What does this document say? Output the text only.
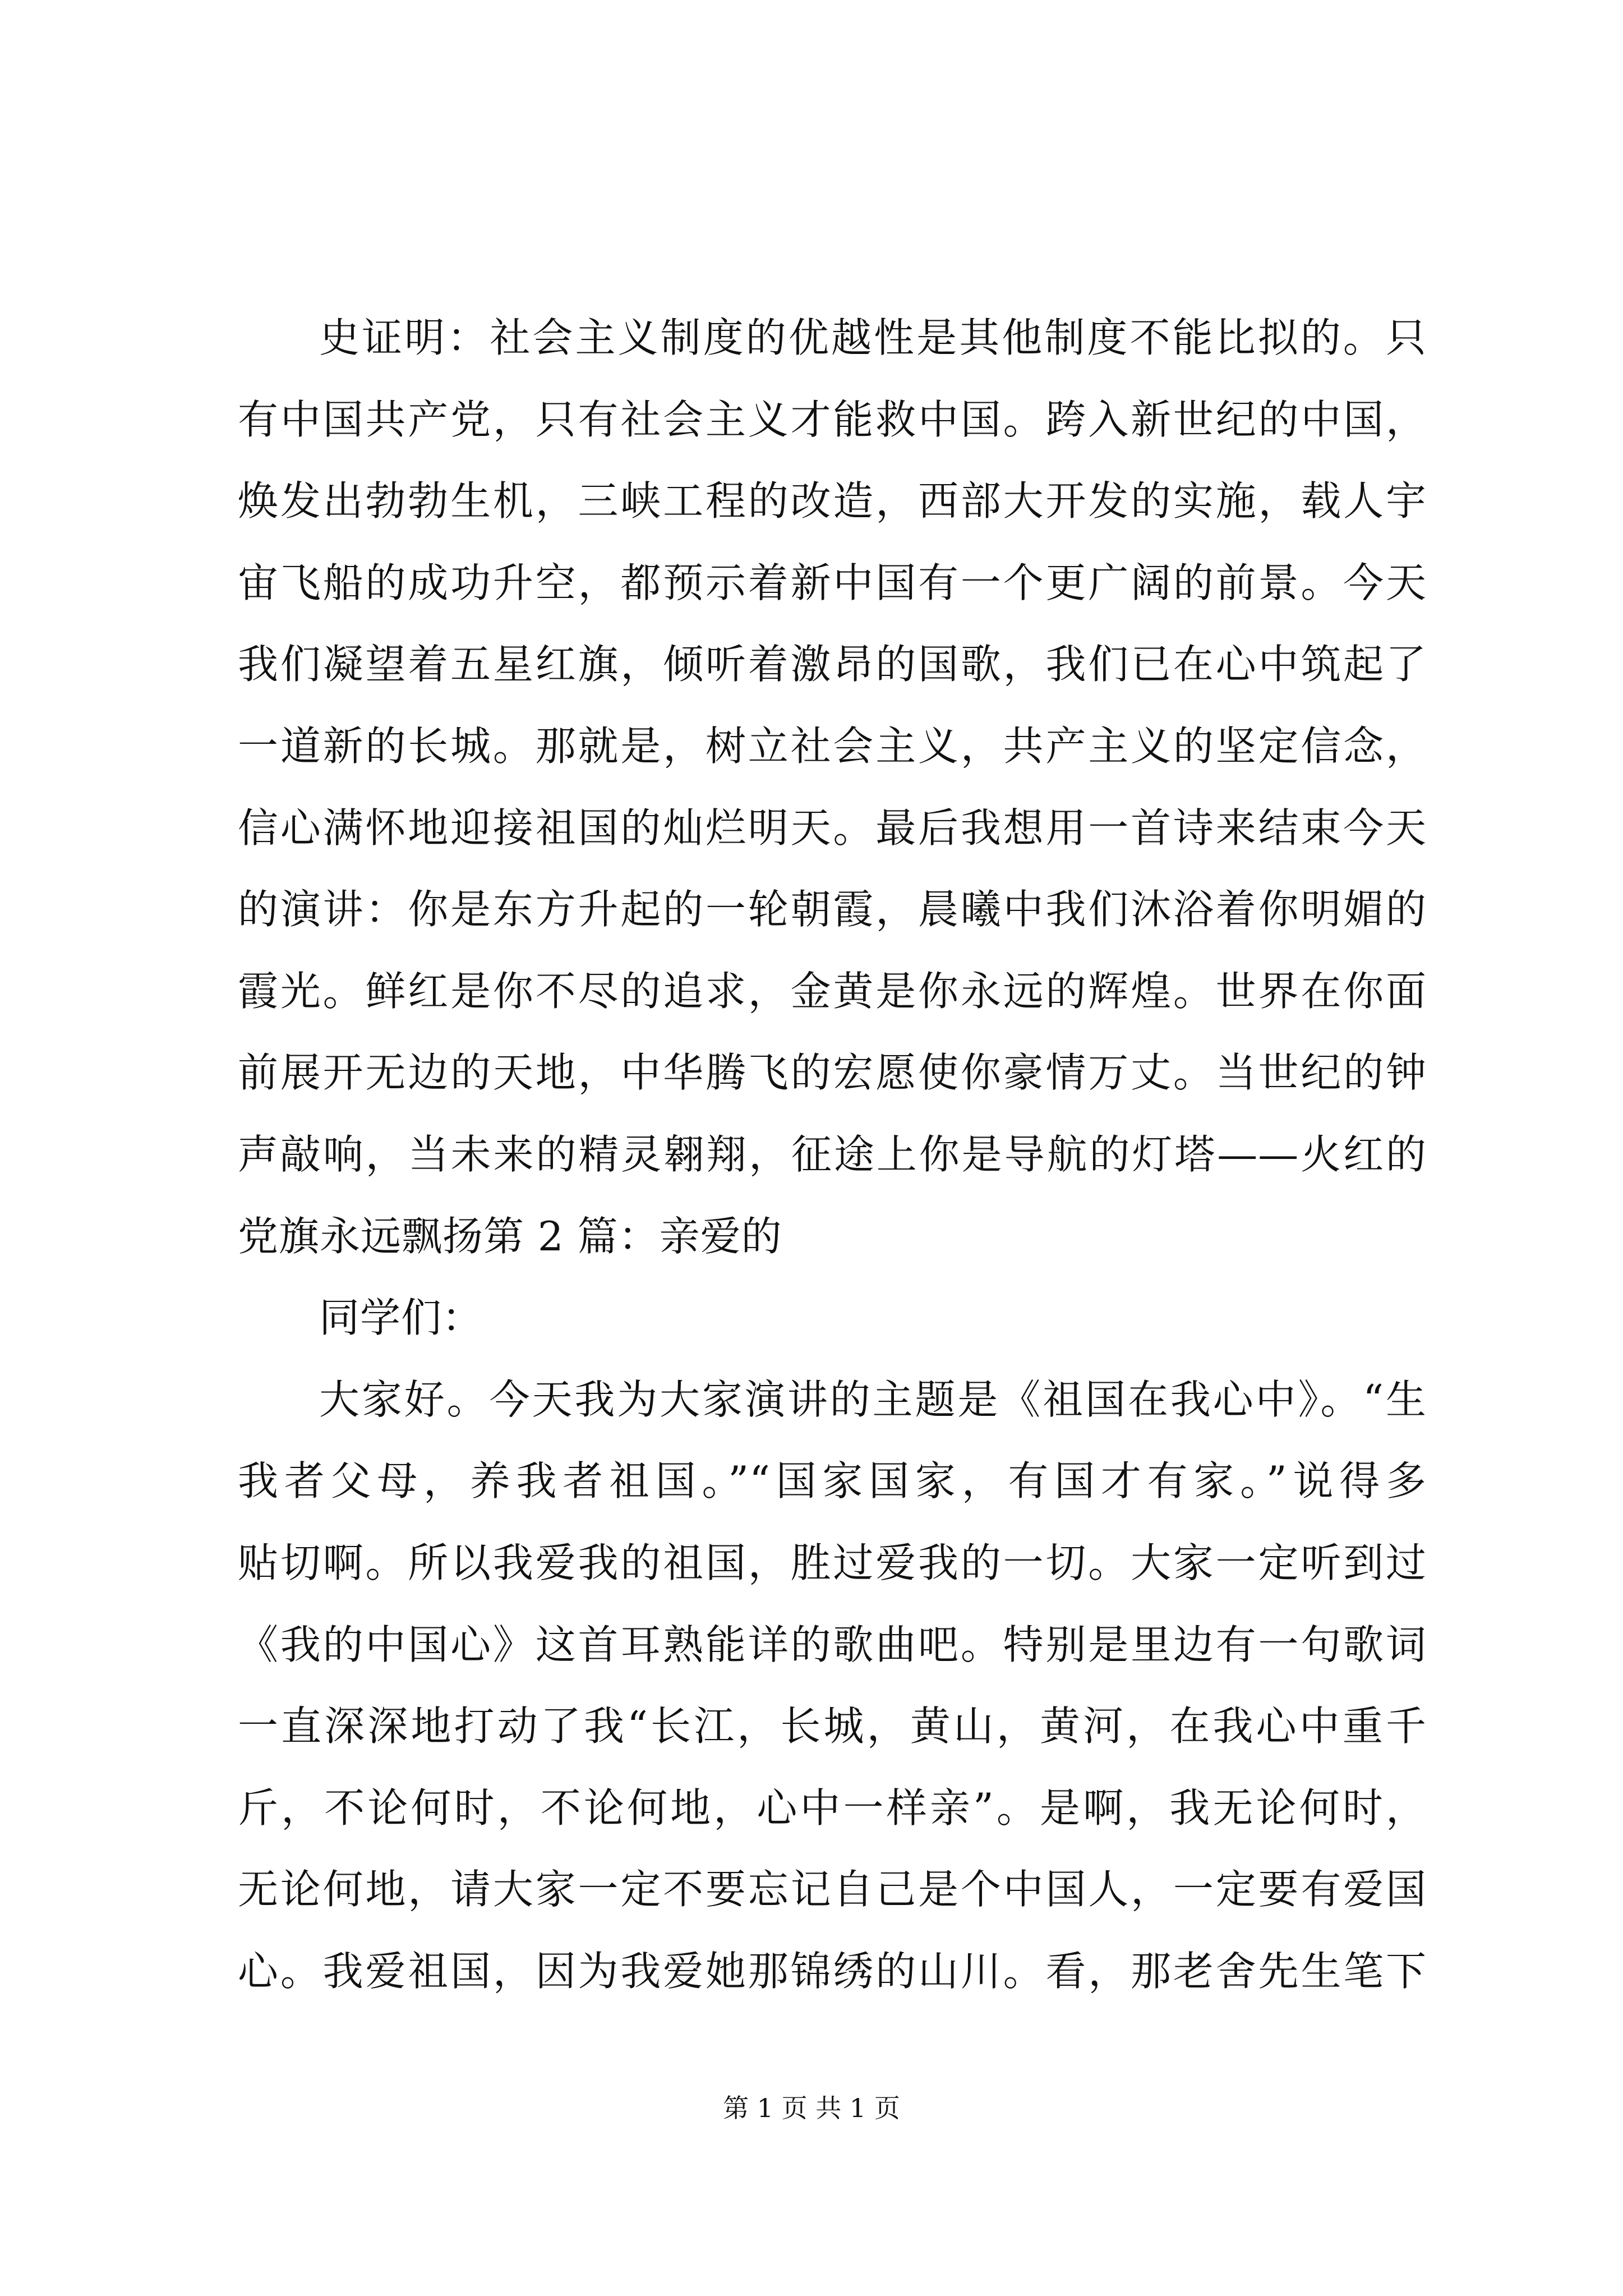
史证明：社会主义制度的优越性是其他制度不能比拟的。只
有中国共产党，只有社会主义才能救中国。跨入新世纪的中国，
焕发出勃勃生机，三峡工程的改造，西部大开发的实施，载人宇
宙飞船的成功升空，都预示着新中国有一个更广阔的前景。今天
我们凝望着五星红旗，倾听着激昂的国歌，我们已在心中筑起了
一道新的长城。那就是，树立社会主义，共产主义的坚定信念，
信心满怀地迎接祖国的灿烂明天。最后我想用一首诗来结束今天
的演讲：你是东方升起的一轮朝霞，晨曦中我们沐浴着你明媚的
霞光。鲜红是你不尽的追求，金黄是你永远的辉煌。世界在你面
前展开无边的天地，中华腾飞的宏愿使你豪情万丈。当世纪的钟
声敲响，当未来的精灵翱翔，征途上你是导航的灯塔——火红的
党旗永远飘扬第 2 篇：亲爱的
同学们：
大家好。今天我为大家演讲的主题是《祖国在我心中》。“生
我者父母，养我者祖国。”“国家国家，有国才有家。”说得多
贴切啊。所以我爱我的祖国，胜过爱我的一切。大家一定听到过
《我的中国心》这首耳熟能详的歌曲吧。特别是里边有一句歌词
一直深深地打动了我“长江，长城，黄山，黄河，在我心中重千
斤，不论何时，不论何地，心中一样亲”。是啊，我无论何时，
无论何地，请大家一定不要忘记自己是个中国人，一定要有爱国
心。我爱祖国，因为我爱她那锦绣的山川。看，那老舍先生笔下
第 1 页 共 1 页
